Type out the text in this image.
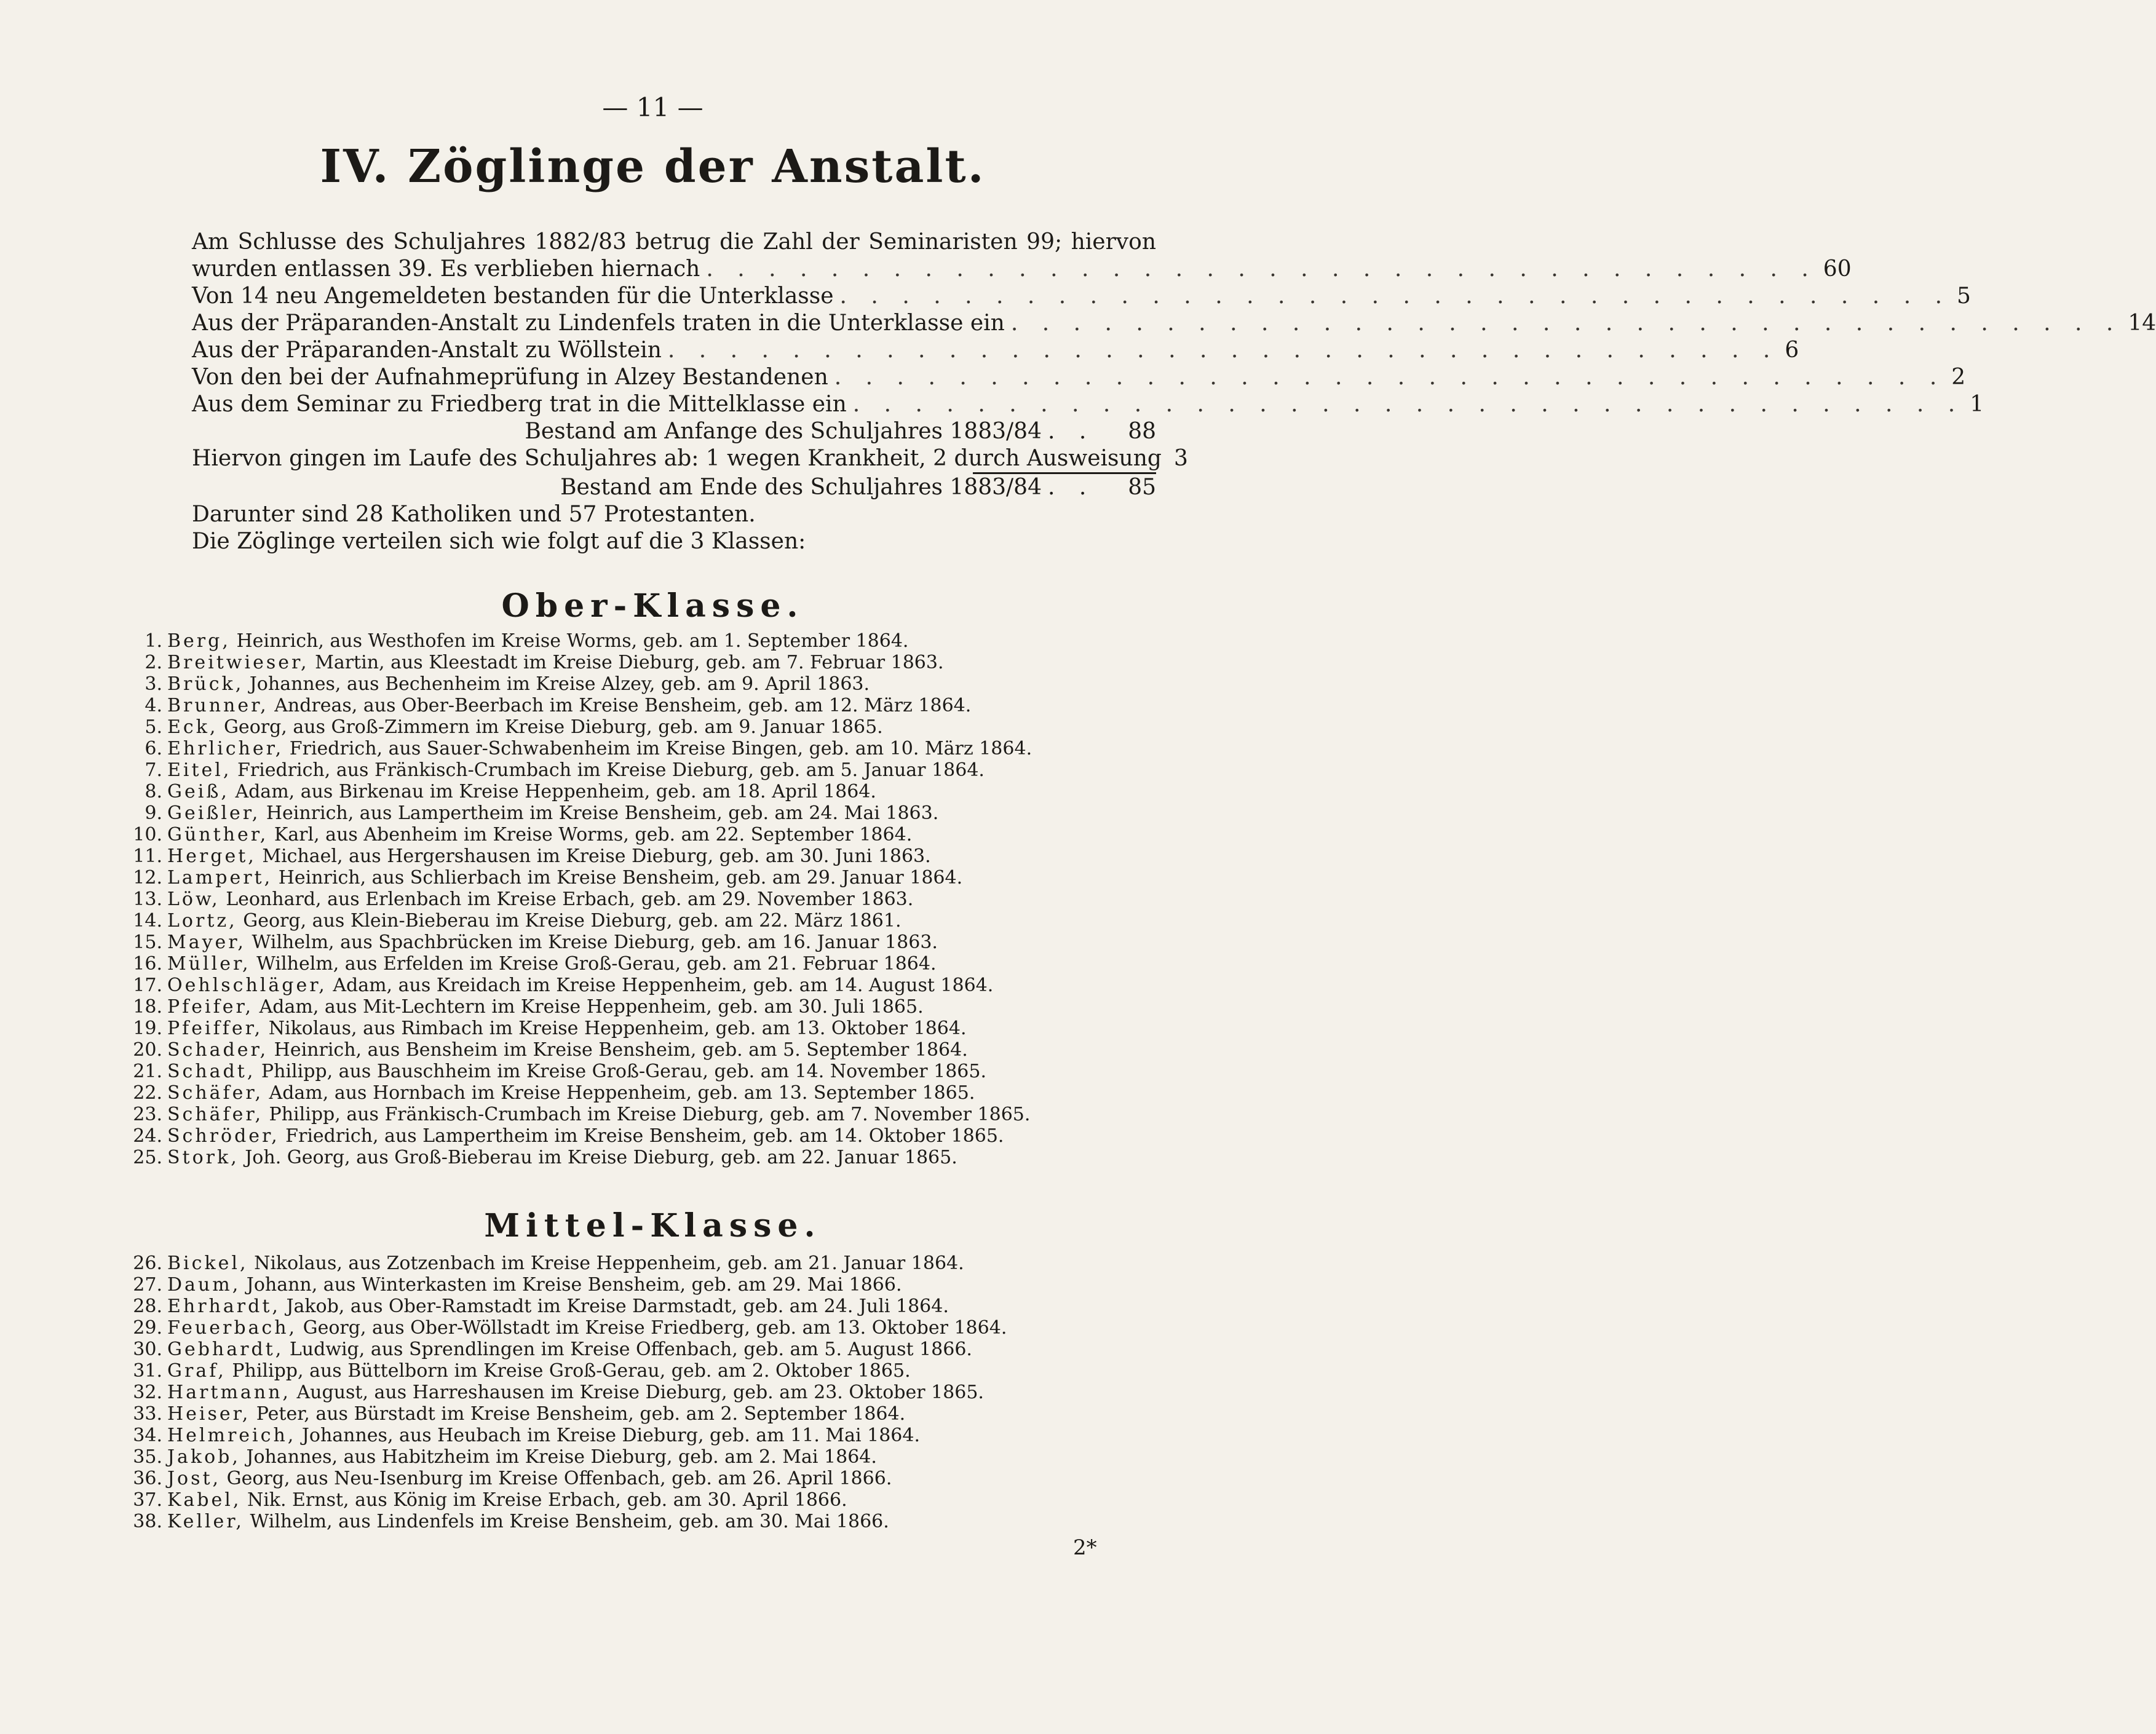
— 11 —
IV. Zöglinge der Anstalt.
Am Schlusse des Schuljahres 1882/83 betrug die Zahl der Seminaristen 99; hiervon
wurden entlassen 39. Es verblieben hiernach . . . . . . . . . . . . . . . . . . . . . . . . . . . . . . . . . . . . 60
Von 14 neu Angemeldeten bestanden für die Unterklasse . . . . . . . . . . . . . . . . . . . . . . . . . . . . . . . . . . . . 5
Aus der Präparanden-Anstalt zu Lindenfels traten in die Unterklasse ein . . . . . . . . . . . . . . . . . . . . . . . . . . . . . . . . . . . . 14
Aus der Präparanden-Anstalt zu Wöllstein . . . . . . . . . . . . . . . . . . . . . . . . . . . . . . . . . . . . 6
Von den bei der Aufnahmeprüfung in Alzey Bestandenen . . . . . . . . . . . . . . . . . . . . . . . . . . . . . . . . . . . . 2
Aus dem Seminar zu Friedberg trat in die Mittelklasse ein . . . . . . . . . . . . . . . . . . . . . . . . . . . . . . . . . . . . 1
Bestand am Anfange des Schuljahres 1883/84 . .	88
Hiervon gingen im Laufe des Schuljahres ab: 1 wegen Krankheit, 2 durch Ausweisung 3
Bestand am Ende des Schuljahres 1883/84 . .	85
Darunter sind 28 Katholiken und 57 Protestanten.
Die Zöglinge verteilen sich wie folgt auf die 3 Klassen:
Ober-Klasse.
1. Berg, Heinrich, aus Westhofen im Kreise Worms, geb. am 1. September 1864.
2. Breitwieser, Martin, aus Kleestadt im Kreise Dieburg, geb. am 7. Februar 1863.
3. Brück, Johannes, aus Bechenheim im Kreise Alzey, geb. am 9. April 1863.
4. Brunner, Andreas, aus Ober-Beerbach im Kreise Bensheim, geb. am 12. März 1864.
5. Eck, Georg, aus Groß-Zimmern im Kreise Dieburg, geb. am 9. Januar 1865.
6. Ehrlicher, Friedrich, aus Sauer-Schwabenheim im Kreise Bingen, geb. am 10. März 1864.
7. Eitel, Friedrich, aus Fränkisch-Crumbach im Kreise Dieburg, geb. am 5. Januar 1864.
8. Geiß, Adam, aus Birkenau im Kreise Heppenheim, geb. am 18. April 1864.
9. Geißler, Heinrich, aus Lampertheim im Kreise Bensheim, geb. am 24. Mai 1863.
10. Günther, Karl, aus Abenheim im Kreise Worms, geb. am 22. September 1864.
11. Herget, Michael, aus Hergershausen im Kreise Dieburg, geb. am 30. Juni 1863.
12. Lampert, Heinrich, aus Schlierbach im Kreise Bensheim, geb. am 29. Januar 1864.
13. Löw, Leonhard, aus Erlenbach im Kreise Erbach, geb. am 29. November 1863.
14. Lortz, Georg, aus Klein-Bieberau im Kreise Dieburg, geb. am 22. März 1861.
15. Mayer, Wilhelm, aus Spachbrücken im Kreise Dieburg, geb. am 16. Januar 1863.
16. Müller, Wilhelm, aus Erfelden im Kreise Groß-Gerau, geb. am 21. Februar 1864.
17. Oehlschläger, Adam, aus Kreidach im Kreise Heppenheim, geb. am 14. August 1864.
18. Pfeifer, Adam, aus Mit-Lechtern im Kreise Heppenheim, geb. am 30. Juli 1865.
19. Pfeiffer, Nikolaus, aus Rimbach im Kreise Heppenheim, geb. am 13. Oktober 1864.
20. Schader, Heinrich, aus Bensheim im Kreise Bensheim, geb. am 5. September 1864.
21. Schadt, Philipp, aus Bauschheim im Kreise Groß-Gerau, geb. am 14. November 1865.
22. Schäfer, Adam, aus Hornbach im Kreise Heppenheim, geb. am 13. September 1865.
23. Schäfer, Philipp, aus Fränkisch-Crumbach im Kreise Dieburg, geb. am 7. November 1865.
24. Schröder, Friedrich, aus Lampertheim im Kreise Bensheim, geb. am 14. Oktober 1865.
25. Stork, Joh. Georg, aus Groß-Bieberau im Kreise Dieburg, geb. am 22. Januar 1865.
Mittel-Klasse.
26. Bickel, Nikolaus, aus Zotzenbach im Kreise Heppenheim, geb. am 21. Januar 1864.
27. Daum, Johann, aus Winterkasten im Kreise Bensheim, geb. am 29. Mai 1866.
28. Ehrhardt, Jakob, aus Ober-Ramstadt im Kreise Darmstadt, geb. am 24. Juli 1864.
29. Feuerbach, Georg, aus Ober-Wöllstadt im Kreise Friedberg, geb. am 13. Oktober 1864.
30. Gebhardt, Ludwig, aus Sprendlingen im Kreise Offenbach, geb. am 5. August 1866.
31. Graf, Philipp, aus Büttelborn im Kreise Groß-Gerau, geb. am 2. Oktober 1865.
32. Hartmann, August, aus Harreshausen im Kreise Dieburg, geb. am 23. Oktober 1865.
33. Heiser, Peter, aus Bürstadt im Kreise Bensheim, geb. am 2. September 1864.
34. Helmreich, Johannes, aus Heubach im Kreise Dieburg, geb. am 11. Mai 1864.
35. Jakob, Johannes, aus Habitzheim im Kreise Dieburg, geb. am 2. Mai 1864.
36. Jost, Georg, aus Neu-Isenburg im Kreise Offenbach, geb. am 26. April 1866.
37. Kabel, Nik. Ernst, aus König im Kreise Erbach, geb. am 30. April 1866.
38. Keller, Wilhelm, aus Lindenfels im Kreise Bensheim, geb. am 30. Mai 1866.
2*
